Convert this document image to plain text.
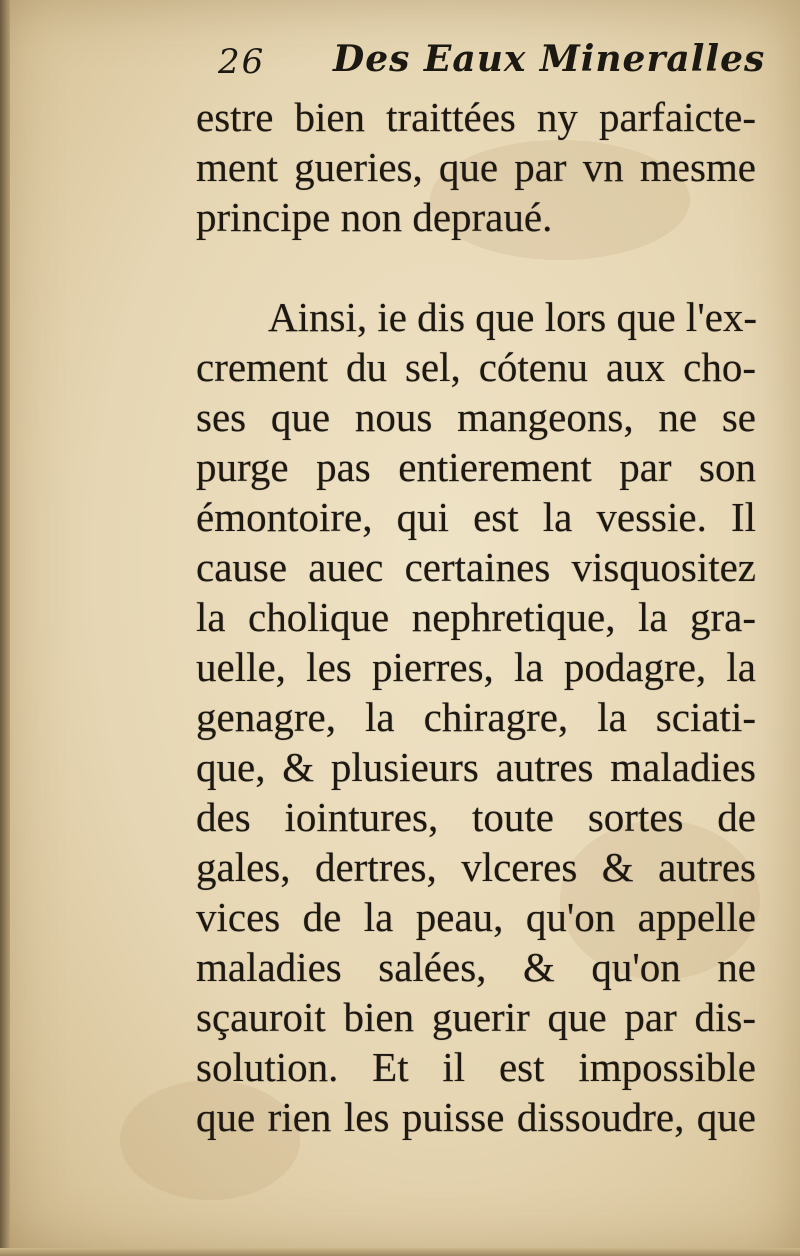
26 Des Eaux Mineralles
estre bien traittées ny parfaicte-
ment gueries, que par vn mesme
principe non depraué.
Ainsi, ie dis que lors que l'ex-
crement du sel, cótenu aux cho-
ses que nous mangeons, ne se
purge pas entierement par son
émontoire, qui est la vessie. Il
cause auec certaines visquositez
la cholique nephretique, la gra-
uelle, les pierres, la podagre, la
genagre, la chiragre, la sciati-
que, & plusieurs autres maladies
des iointures, toute sortes de
gales, dertres, vlceres & autres
vices de la peau, qu'on appelle
maladies salées, & qu'on ne
sçauroit bien guerir que par dis-
solution. Et il est impossible
que rien les puisse dissoudre, que
